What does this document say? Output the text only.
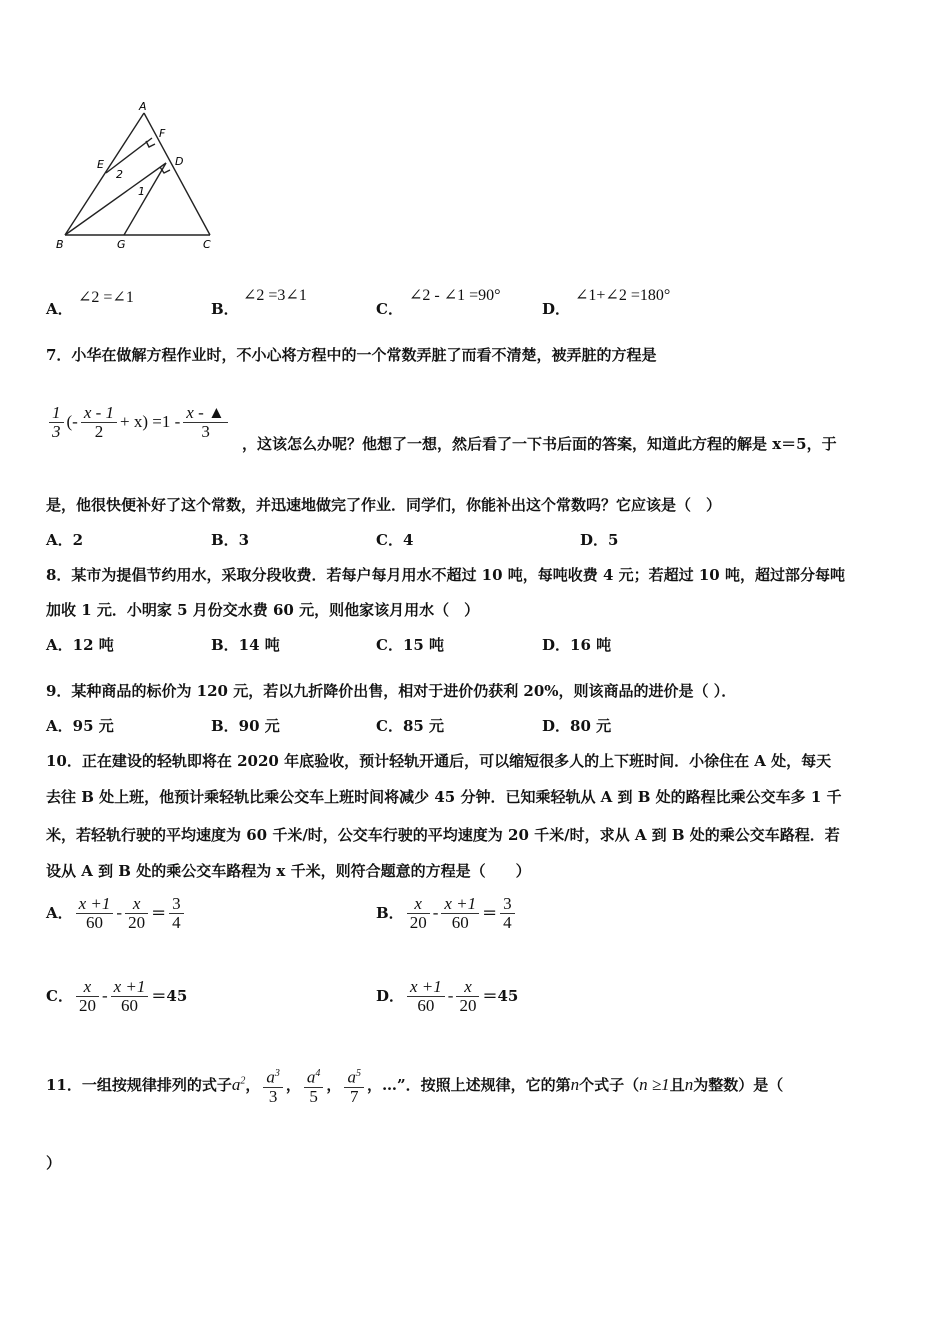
A
B	C
D
E
F
G
1
2
A．
∠2 =∠1
B．
∠2 =3∠1
C．
∠2 - ∠1 =90°
D．
∠1+∠2 =180°
7．小华在做解方程作业时，不小心将方程中的一个常数弄脏了而看不清楚，被弄脏的方程是
$\frac{1}{3}$ (- $\frac{x - 1}{2} + x) =1 - \frac{x - ▲}{3}$
，这该怎么办呢？他想了一想，然后看了一下书后面的答案，知道此方程的解是 x＝5，于
是，他很快便补好了这个常数，并迅速地做完了作业．同学们，你能补出这个常数吗？它应该是（　）
A．2	B．3	C．4	D．5
8．某市为提倡节约用水，采取分段收费．若每户每月用水不超过 10 吨，每吨收费 4 元；若超过 10 吨，超过部分每吨
加收 1 元．小明家 5 月份交水费 60 元，则他家该月用水（　）
A．12 吨	B．14 吨	C．15 吨	D．16 吨
9．某种商品的标价为 120 元，若以九折降价出售，相对于进价仍获利 20%，则该商品的进价是（ ）．
A．95 元	B．90 元	C．85 元	D．80 元
10．正在建设的轻轨即将在 2020 年底验收，预计轻轨开通后，可以缩短很多人的上下班时间．小徐住在 A 处，每天
去往 B 处上班，他预计乘轻轨比乘公交车上班时间将减少 45 分钟．已知乘轻轨从 A 到 B 处的路程比乘公交车多 1 千
米，若轻轨行驶的平均速度为 60 千米/时，公交车行驶的平均速度为 20 千米/时，求从 A 到 B 处的乘公交车路程．若
设从 A 到 B 处的乘公交车路程为 x 千米，则符合题意的方程是（　　）
A． $\frac{x +1}{60} - \frac{x}{20} = \frac{3}{4}$	B． $\frac{x}{20} - \frac{x +1}{60} = \frac{3}{4}$
C． $\frac{x}{20} - \frac{x +1}{60} =45$	D． $\frac{x +1}{60} - \frac{x}{20} =45$
11．一组按规律排列的式子$a^2$， $\frac{a^3}{3}$ ， $\frac{a^4}{5}$ ， $\frac{a^5}{7}$ ，…”．按照上述规律，它的第n个式子（n ≥1且n为整数）是（
）
